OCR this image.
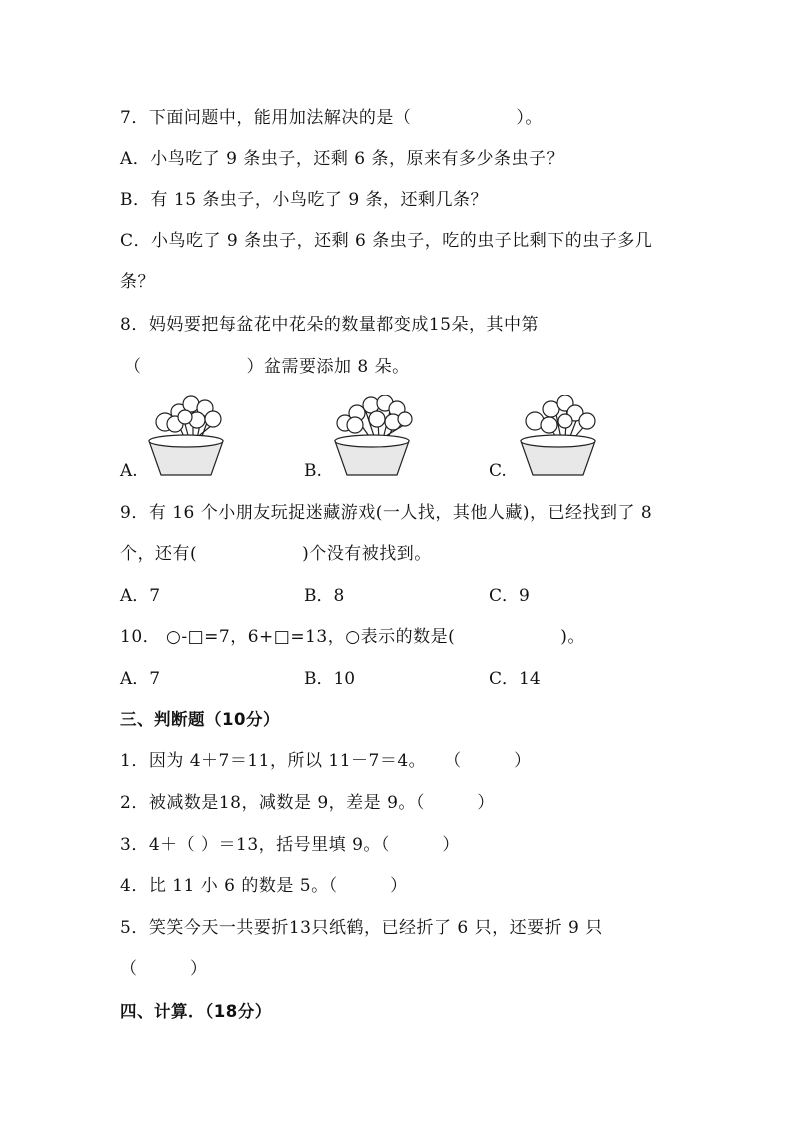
7．下面问题中，能用加法解决的是（　　　　　　）。
A．小鸟吃了 9 条虫子，还剩 6 条，原来有多少条虫子？
B．有 15 条虫子，小鸟吃了 9 条，还剩几条？
C．小鸟吃了 9 条虫子，还剩 6 条虫子，吃的虫子比剩下的虫子多几
条？
8．妈妈要把每盆花中花朵的数量都变成15朵，其中第
（　　　　　　）盆需要添加 8 朵。
A.	B.	C.
9．有 16 个小朋友玩捉迷藏游戏(一人找，其他人藏)，已经找到了 8
个，还有(　　　　　　)个没有被找到。
A．7	B．8	C．9
10． ○-□=7，6+□=13，○表示的数是(　　　　　　)。
A．7	B．10	C．14
三、判断题（10分）
1．因为 4＋7＝11，所以 11－7＝4。　　（　　　）
2．被减数是18，减数是 9，差是 9。（　　　）
3．4＋（ ）＝13，括号里填 9。（　　　）
4．比 11 小 6 的数是 5。（　　　）
5．笑笑今天一共要折13只纸鹤，已经折了 6 只，还要折 9 只
（　　　）
四、计算．（18分）
